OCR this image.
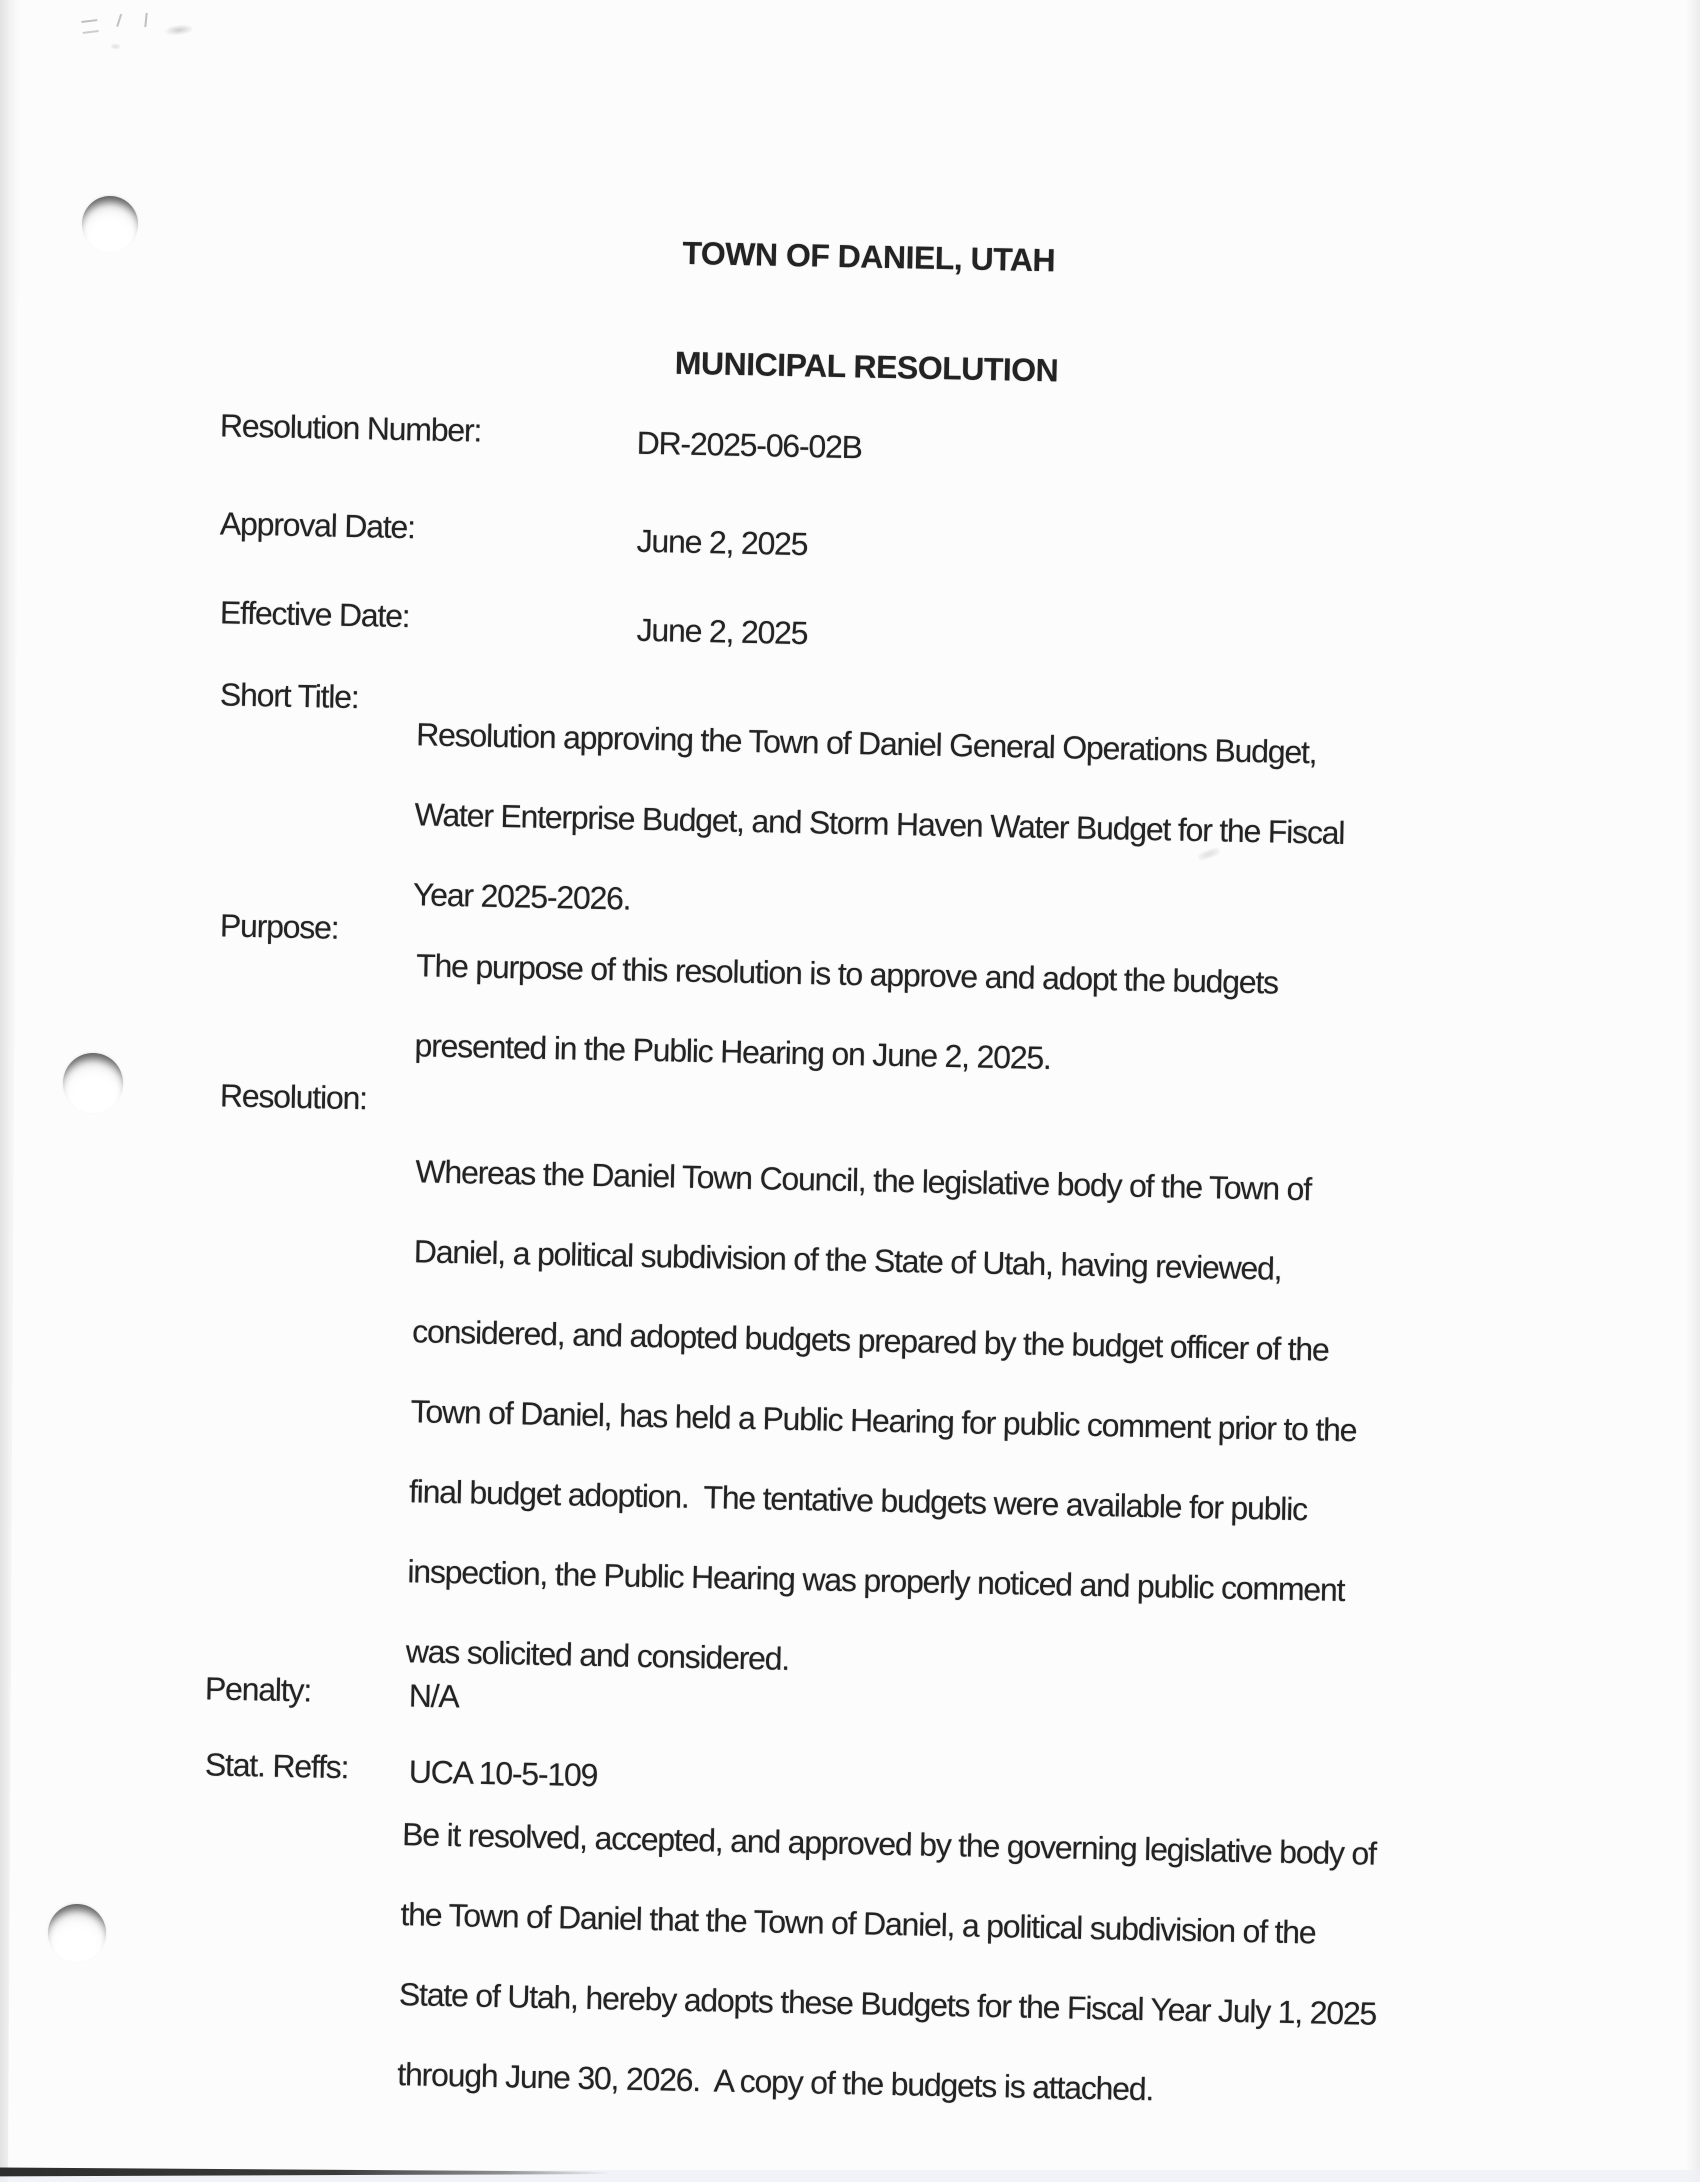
TOWN OF DANIEL, UTAH

MUNICIPAL RESOLUTION

Resolution Number:	DR-2025-06-02B

Approval Date:	June 2, 2025

Effective Date:	June 2, 2025

Short Title:

Resolution approving the Town of Daniel General Operations Budget,

Water Enterprise Budget, and Storm Haven Water Budget for the Fiscal

Year 2025-2026.

Purpose:

The purpose of this resolution is to approve and adopt the budgets

presented in the Public Hearing on June 2, 2025.

Resolution:

Whereas the Daniel Town Council, the legislative body of the Town of

Daniel, a political subdivision of the State of Utah, having reviewed,

considered, and adopted budgets prepared by the budget officer of the

Town of Daniel, has held a Public Hearing for public comment prior to the

final budget adoption.  The tentative budgets were available for public

inspection, the Public Hearing was properly noticed and public comment

was solicited and considered.

Be it resolved, accepted, and approved by the governing legislative body of

the Town of Daniel that the Town of Daniel, a political subdivision of the

State of Utah, hereby adopts these Budgets for the Fiscal Year July 1, 2025

through June 30, 2026.  A copy of the budgets is attached.

Penalty:	N/A

Stat. Reffs: UCA 10-5-109
